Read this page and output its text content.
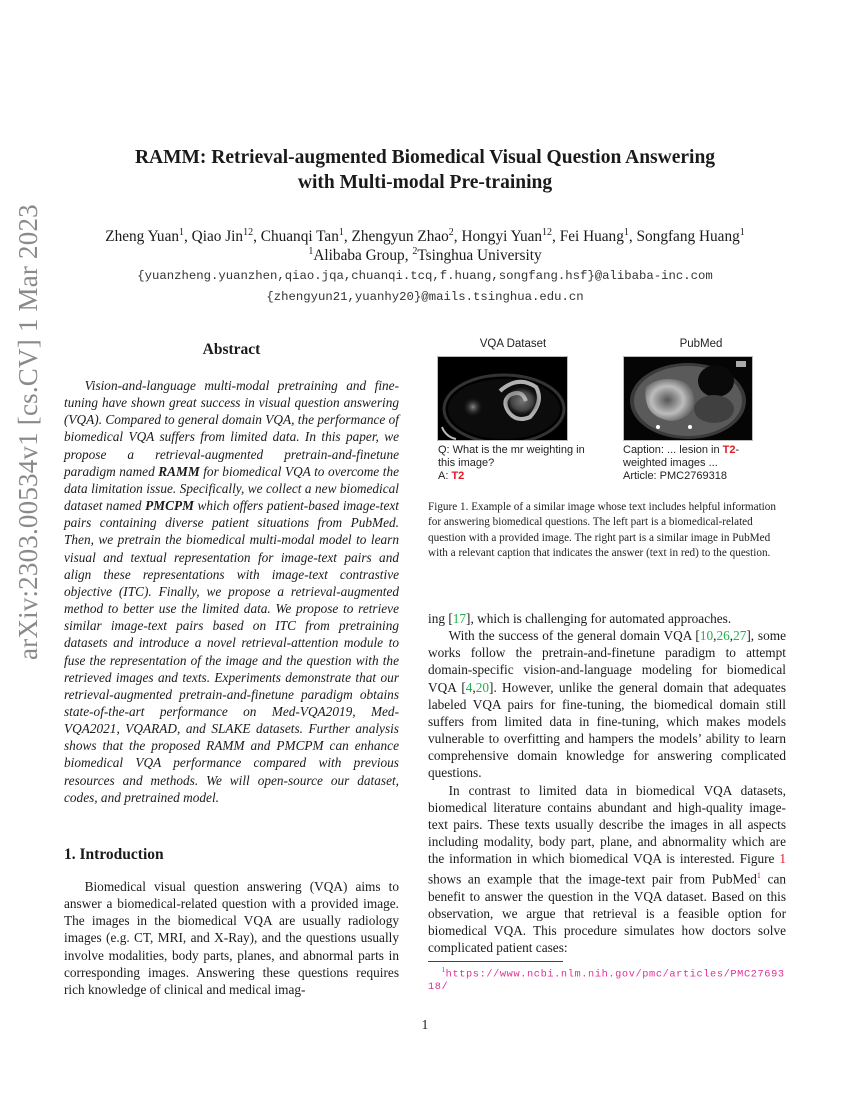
arXiv:2303.00534v1 [cs.CV] 1 Mar 2023
RAMM: Retrieval-augmented Biomedical Visual Question Answering
with Multi-modal Pre-training
Zheng Yuan$^1$, Qiao Jin$^{12}$, Chuanqi Tan$^1$, Zhengyun Zhao$^2$, Hongyi Yuan$^{12}$, Fei Huang$^1$, Songfang Huang$^1$
$^1$Alibaba Group, $^2$Tsinghua University
{yuanzheng.yuanzhen,qiao.jqa,chuanqi.tcq,f.huang,songfang.hsf}@alibaba-inc.com
{zhengyun21,yuanhy20}@mails.tsinghua.edu.cn
Abstract

Vision-and-language multi-modal pretraining and fine-tuning have shown great success in visual question answering (VQA). Compared to general domain VQA, the performance of biomedical VQA suffers from limited data. In this paper, we propose a retrieval-augmented pretrain-and-finetune paradigm named RAMM for biomedical VQA to overcome the data limitation issue. Specifically, we collect a new biomedical dataset named PMCPM which offers patient-based image-text pairs containing diverse patient situations from PubMed. Then, we pretrain the biomedical multi-modal model to learn visual and textual representation for image-text pairs and align these representations with image-text contrastive objective (ITC). Finally, we propose a retrieval-augmented method to better use the limited data. We propose to retrieve similar image-text pairs based on ITC from pretraining datasets and introduce a novel retrieval-attention module to fuse the representation of the image and the question with the retrieved images and texts. Experiments demonstrate that our retrieval-augmented pretrain-and-finetune paradigm obtains state-of-the-art performance on Med-VQA2019, Med-VQA2021, VQARAD, and SLAKE datasets. Further analysis shows that the proposed RAMM and PMCPM can enhance biomedical VQA performance compared with previous resources and methods. We will open-source our dataset, codes, and pretrained model.

1. Introduction

Biomedical visual question answering (VQA) aims to answer a biomedical-related question with a provided image. The images in the biomedical VQA are usually radiology images (e.g. CT, MRI, and X-Ray), and the questions usually involve modalities, body parts, planes, and abnormal parts in corresponding images. Answering these questions requires rich knowledge of clinical and medical imag-

VQA Dataset
Q: What is the mr weighting in this image?
A: T2
PubMed
Caption: ... lesion in T2-
weighted images ...
Article: PMC2769318
Figure 1. Example of a similar image whose text includes helpful information for answering biomedical questions. The left part is a biomedical-related question with a provided image. The right part is a similar image in PubMed with a relevant caption that indicates the answer (text in red) to the question.

ing [17], which is challenging for automated approaches.

With the success of the general domain VQA [10,26,27], some works follow the pretrain-and-finetune paradigm to attempt domain-specific vision-and-language modeling for biomedical VQA [4,20]. However, unlike the general domain that adequates labeled VQA pairs for fine-tuning, the biomedical domain still suffers from limited data in fine-tuning, which makes models vulnerable to overfitting and hampers the models’ ability to learn comprehensive domain knowledge for answering complicated questions.

In contrast to limited data in biomedical VQA datasets, biomedical literature contains abundant and high-quality image-text pairs. These texts usually describe the images in all aspects including modality, body part, plane, and abnormality which are the information in which biomedical VQA is interested. Figure 1 shows an example that the image-text pair from PubMed$^1$ can benefit to answer the question in the VQA dataset. Based on this observation, we argue that retrieval is a feasible option for biomedical VQA. This procedure simulates how doctors solve complicated patient cases:

$^1$https://www.ncbi.nlm.nih.gov/pmc/articles/PMC2769318/
1
